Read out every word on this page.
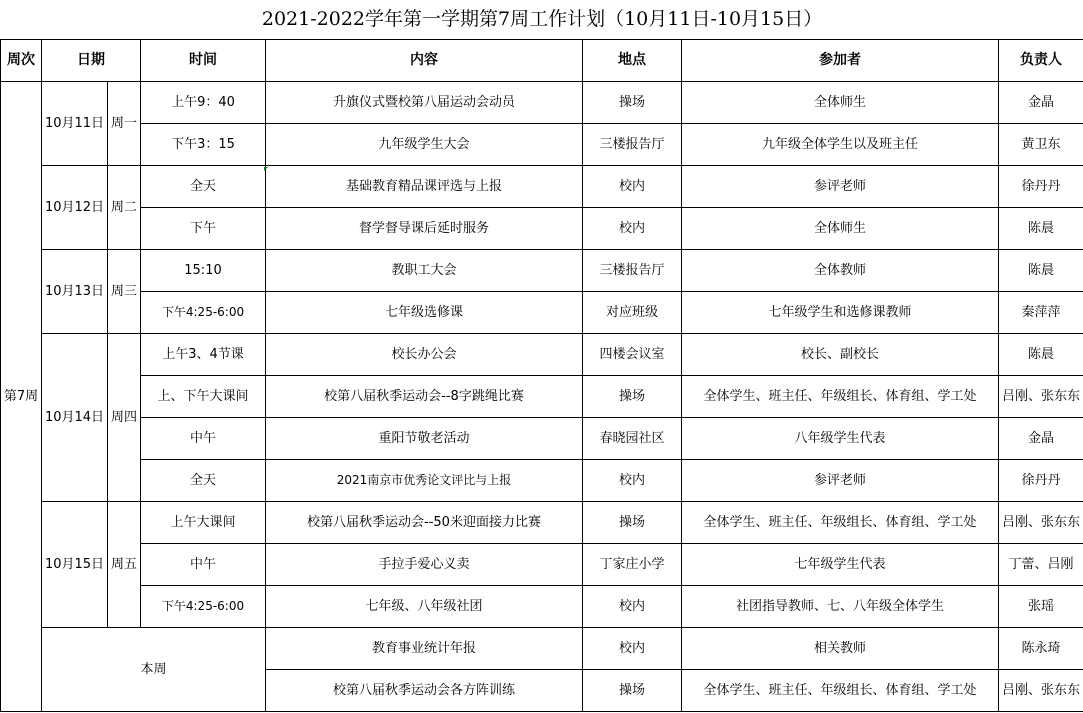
2021-2022学年第一学期第7周工作计划（10月11日-10月15日）							
周次	日期		时间	内容	地点	参加者	负责人
第7周	10月11日	周一	上午9：40	升旗仪式暨校第八届运动会动员	操场	全体师生	金晶
			下午3：15	九年级学生大会	三楼报告厅	九年级全体学生以及班主任	黄卫东
	10月12日	周二	全天	基础教育精品课评选与上报	校内	参评老师	徐丹丹
			下午	督学督导课后延时服务	校内	全体师生	陈晨
	10月13日	周三	15:10	教职工大会	三楼报告厅	全体教师	陈晨
			下午4:25-6:00	七年级选修课	对应班级	七年级学生和选修课教师	秦萍萍
	10月14日	周四	上午3、4节课	校长办公会	四楼会议室	校长、副校长	陈晨
			上、下午大课间	校第八届秋季运动会--8字跳绳比赛	操场	全体学生、班主任、年级组长、体育组、学工处	吕刚、张东东
			中午	重阳节敬老活动	春晓园社区	八年级学生代表	金晶
			全天	2021南京市优秀论文评比与上报	校内	参评老师	徐丹丹
	10月15日	周五	上午大课间	校第八届秋季运动会--50米迎面接力比赛	操场	全体学生、班主任、年级组长、体育组、学工处	吕刚、张东东
			中午	手拉手爱心义卖	丁家庄小学	七年级学生代表	丁蕾、吕刚
			下午4:25-6:00	七年级、八年级社团	校内	社团指导教师、七、八年级全体学生	张瑶
	本周			教育事业统计年报	校内	相关教师	陈永琦
				校第八届秋季运动会各方阵训练	操场	全体学生、班主任、年级组长、体育组、学工处	吕刚、张东东
